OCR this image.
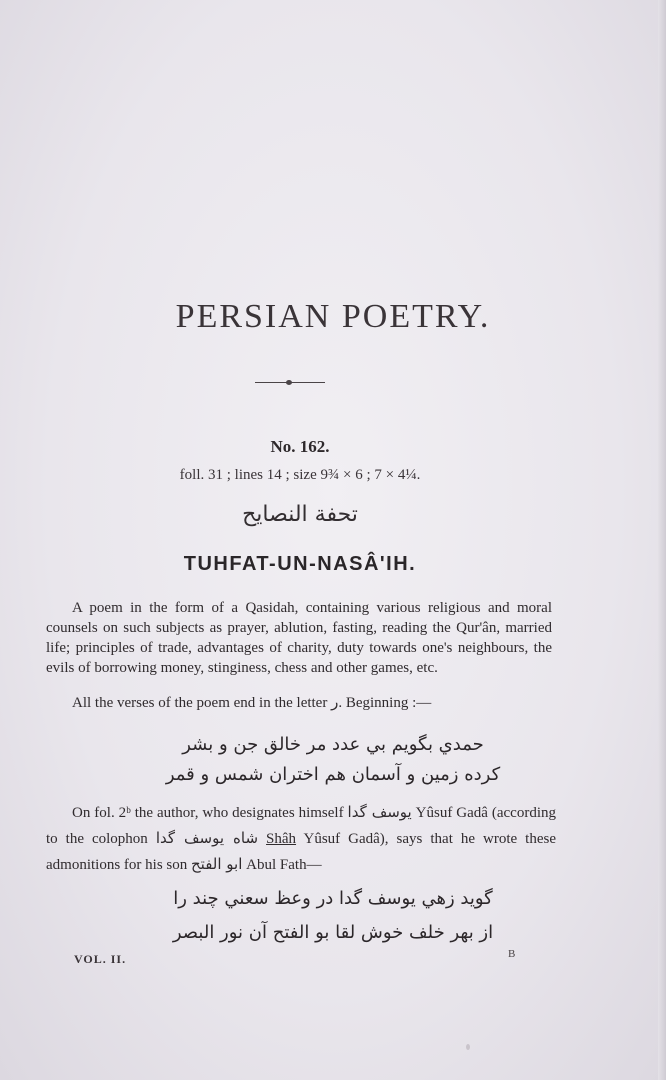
PERSIAN POETRY.
No. 162.
foll. 31 ; lines 14 ; size 9¾ × 6 ; 7 × 4¼.
تحفة النصايح
TUHFAT-UN-NASÂ'IH.
A poem in the form of a Qasidah, containing various religious and moral counsels on such subjects as prayer, ablution, fasting, reading the Qur'ân, married life; principles of trade, advantages of charity, duty towards one's neighbours, the evils of borrowing money, stinginess, chess and other games, etc.
All the verses of the poem end in the letter ر. Beginning :—
حمدي بگويم بي عدد مر خالق جن و بشر
كرده زمين و آسمان هم اختران شمس و قمر
On fol. 2ᵇ the author, who designates himself يوسف گدا Yûsuf Gadâ (according to the colophon شاه يوسف گدا Shâh Yûsuf Gadâ), says that he wrote these admonitions for his son ابو الفتح Abul Fath—
گويد زهي يوسف گدا در وعظ سعني چند را
از بهر خلف خوش لقا بو الفتح آن نور البصر
VOL. II.	B
